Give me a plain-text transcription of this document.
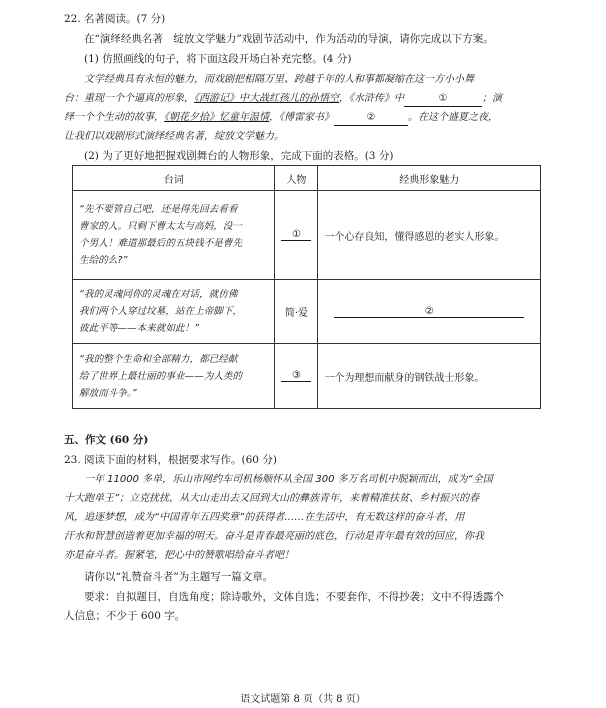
22. 名著阅读。(7 分)
在“演绎经典名著　绽放文学魅力”戏剧节活动中，作为活动的导演，请你完成以下方案。
(1) 仿照画线的句子，将下面这段开场白补充完整。(4 分)
文学经典具有永恒的魅力，而戏剧把相隔万里、跨越千年的人和事都凝缩在这一方小小舞
台：重现一个个逼真的形象，《西游记》中大战红孩儿的孙悟空，《水浒传》中	①	；演
绎一个个生动的故事，《朝花夕拾》忆童年温情，《傅雷家书》	②	。在这个盛夏之夜，
让我们以戏剧形式演绎经典名著，绽放文学魅力。
(2) 为了更好地把握戏剧舞台的人物形象，完成下面的表格。(3 分)
台词	人物	经典形象魅力

“先不要管自己吧，还是得先回去看看
曹家的人。只剩下曹太太与高妈，没一
个男人！难道那最后的五块钱不是曹先
生给的么?”	①	一个心存良知，懂得感恩的老实人形象。

“我的灵魂同你的灵魂在对话，就仿佛
我们两个人穿过坟墓，站在上帝脚下，
彼此平等——本来就如此！”	简·爱	②

“我的整个生命和全部精力，都已经献
给了世界上最壮丽的事业——为人类的
解放而斗争。”	③	一个为理想而献身的钢铁战士形象。
五、作文 (60 分)
23. 阅读下面的材料，根据要求写作。(60 分)
一年 11000 多单，乐山市网约车司机杨顺怀从全国 300 多万名司机中脱颖而出，成为“全国
十大跑单王”；立克扰扰，从大山走出去又回到大山的彝族青年，来着精准扶贫、乡村振兴的春
风，追逐梦想，成为“中国青年五四奖章”的获得者……在生活中，有无数这样的奋斗者，用
汗水和智慧创造着更加幸福的明天。奋斗是青春最亮丽的底色，行动是青年最有效的回应，你我
亦是奋斗者。握紧笔，把心中的赞歌唱给奋斗者吧！
请你以“礼赞奋斗者”为主题写一篇文章。
要求：自拟题目，自选角度；除诗歌外，文体自选；不要套作，不得抄袭；文中不得透露个
人信息；不少于 600 字。
语文试题第 8 页（共 8 页）
